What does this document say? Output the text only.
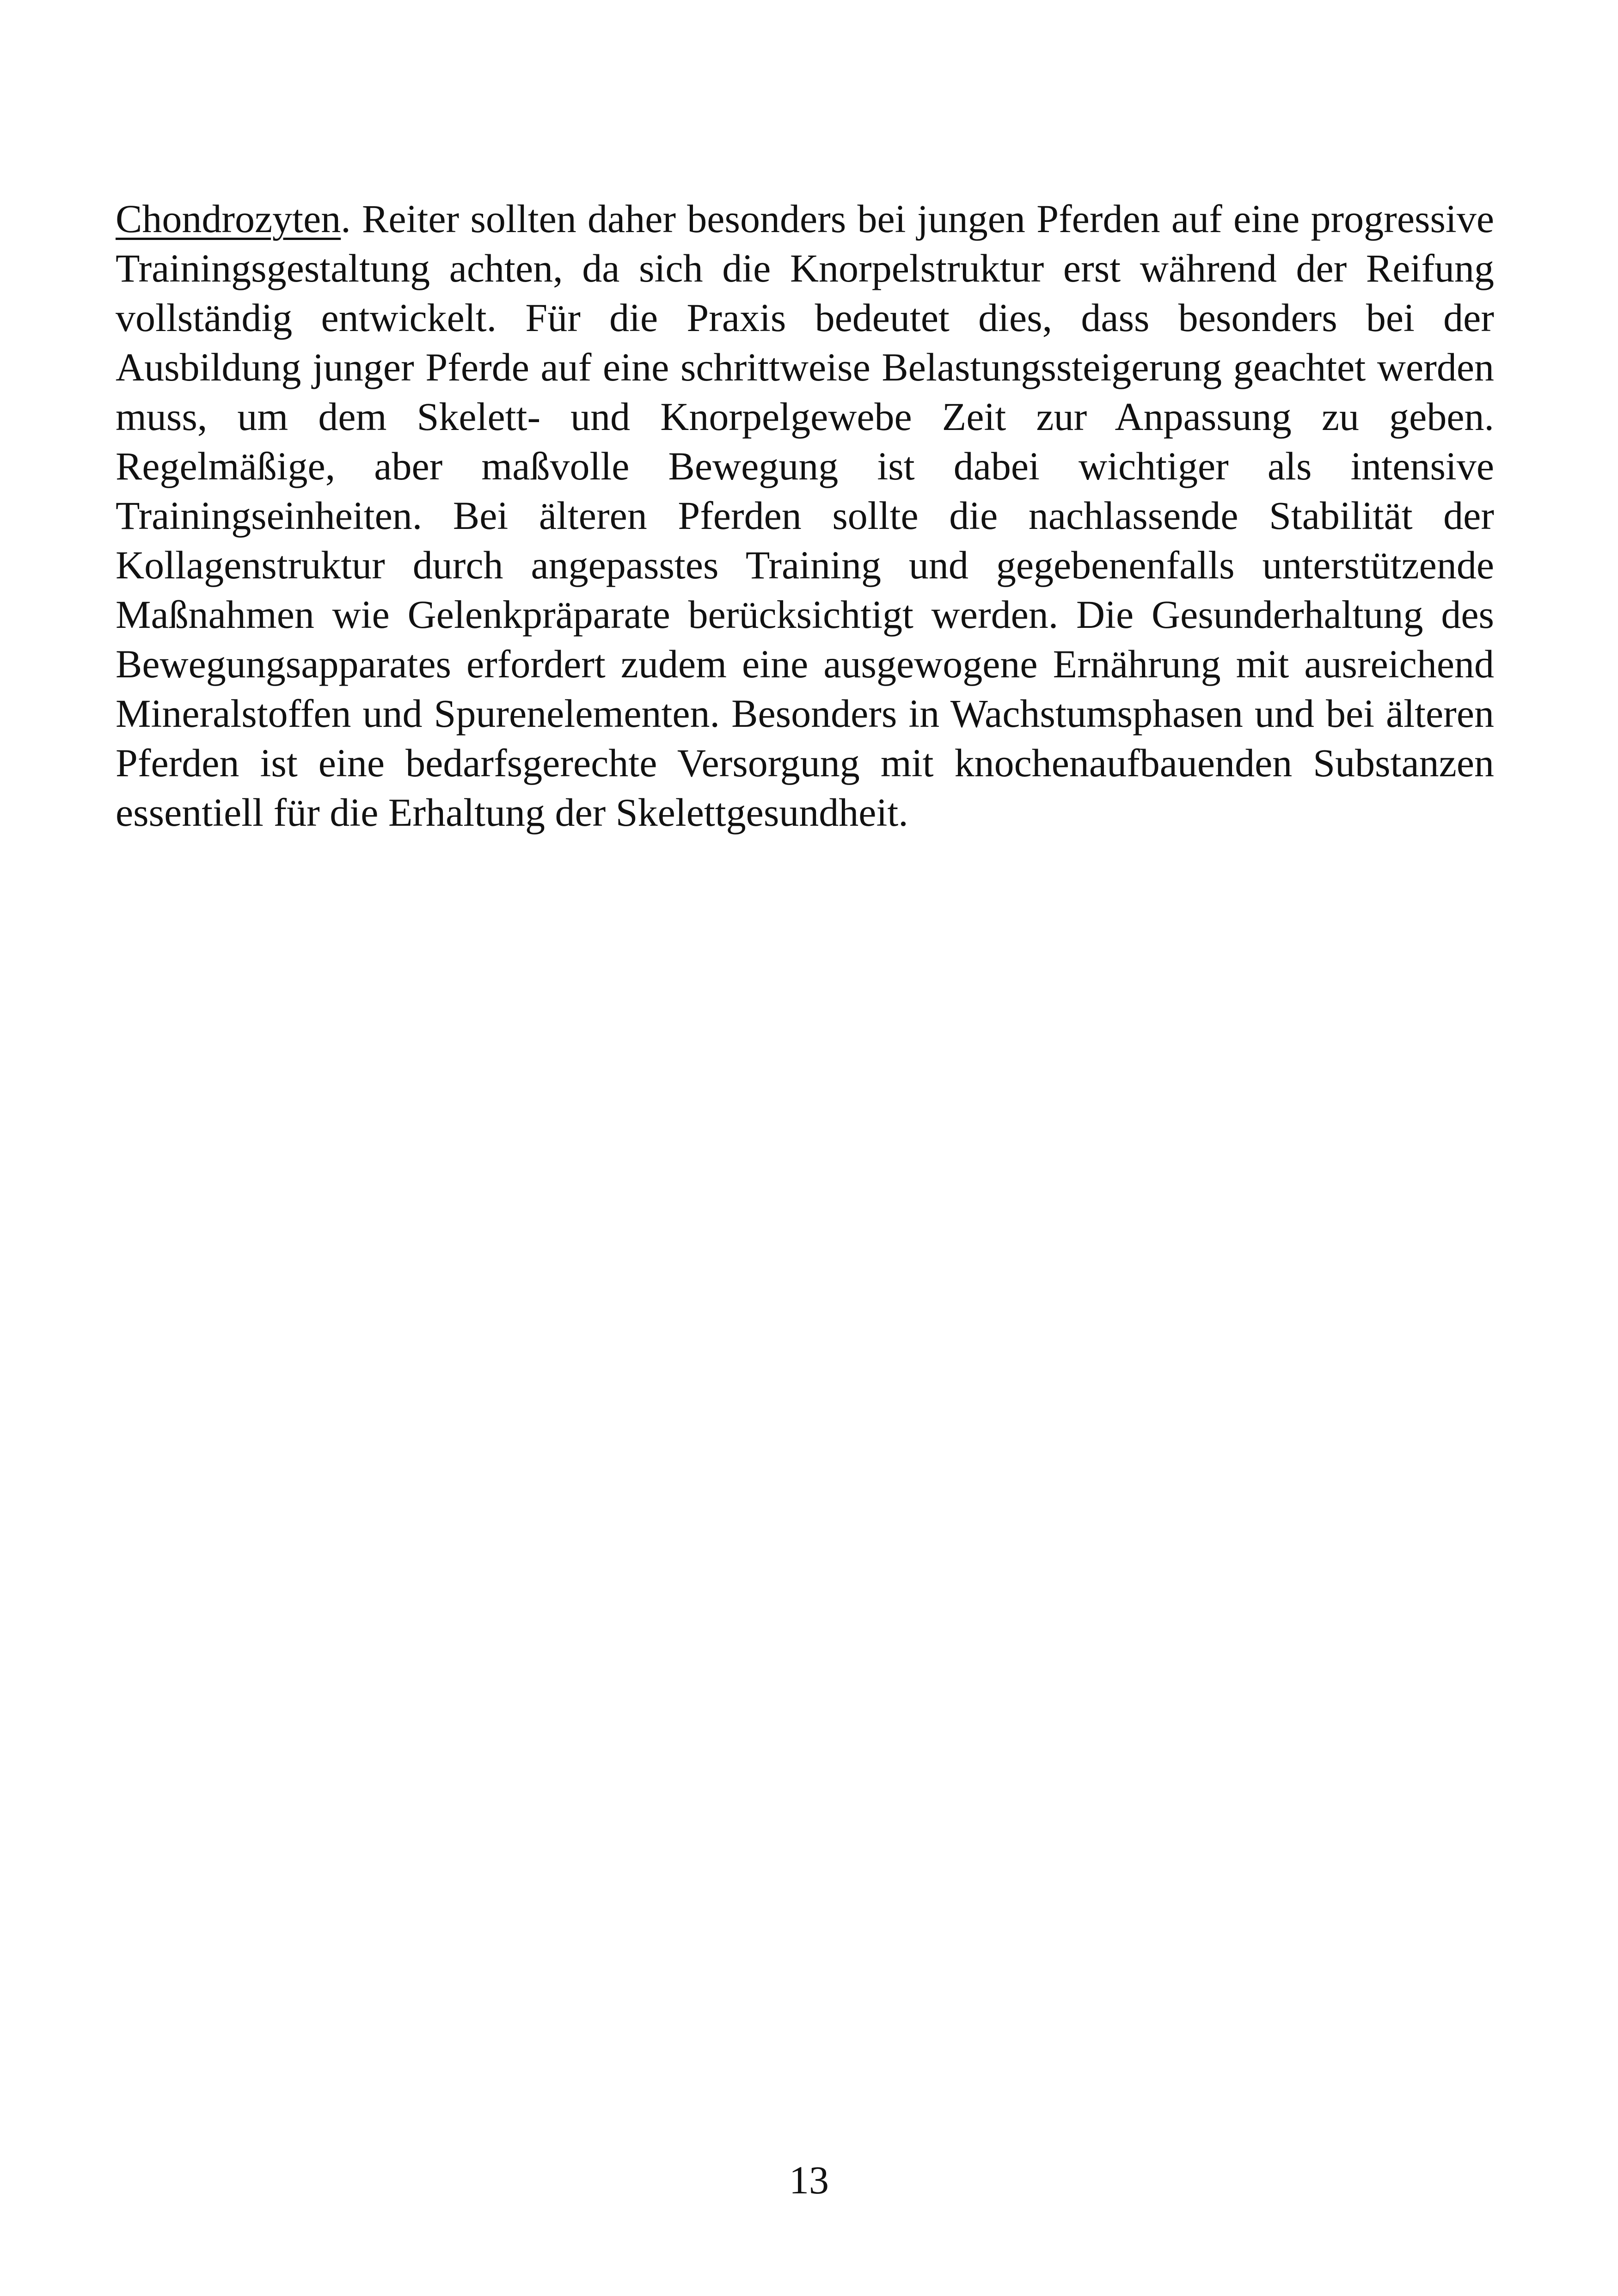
Chondrozyten. Reiter sollten daher besonders bei jungen Pferden auf eine progressive Trainingsgestaltung achten, da sich die Knorpelstruktur erst während der Reifung vollständig entwickelt. Für die Praxis bedeutet dies, dass besonders bei der Ausbildung junger Pferde auf eine schrittweise Belastungssteigerung geachtet werden muss, um dem Skelett- und Knorpelgewebe Zeit zur Anpassung zu geben. Regelmäßige, aber maßvolle Bewegung ist dabei wichtiger als intensive Trainingseinheiten. Bei älteren Pferden sollte die nachlassende Stabilität der Kollagenstruktur durch angepasstes Training und gegebenenfalls unterstützende Maßnahmen wie Gelenkpräparate berücksichtigt werden. Die Gesunderhaltung des Bewegungsapparates erfordert zudem eine ausgewogene Ernährung mit ausreichend Mineralstoffen und Spurenelementen. Besonders in Wachstumsphasen und bei älteren Pferden ist eine bedarfsgerechte Versorgung mit knochenaufbauenden Substanzen essentiell für die Erhaltung der Skelettgesundheit.

13
